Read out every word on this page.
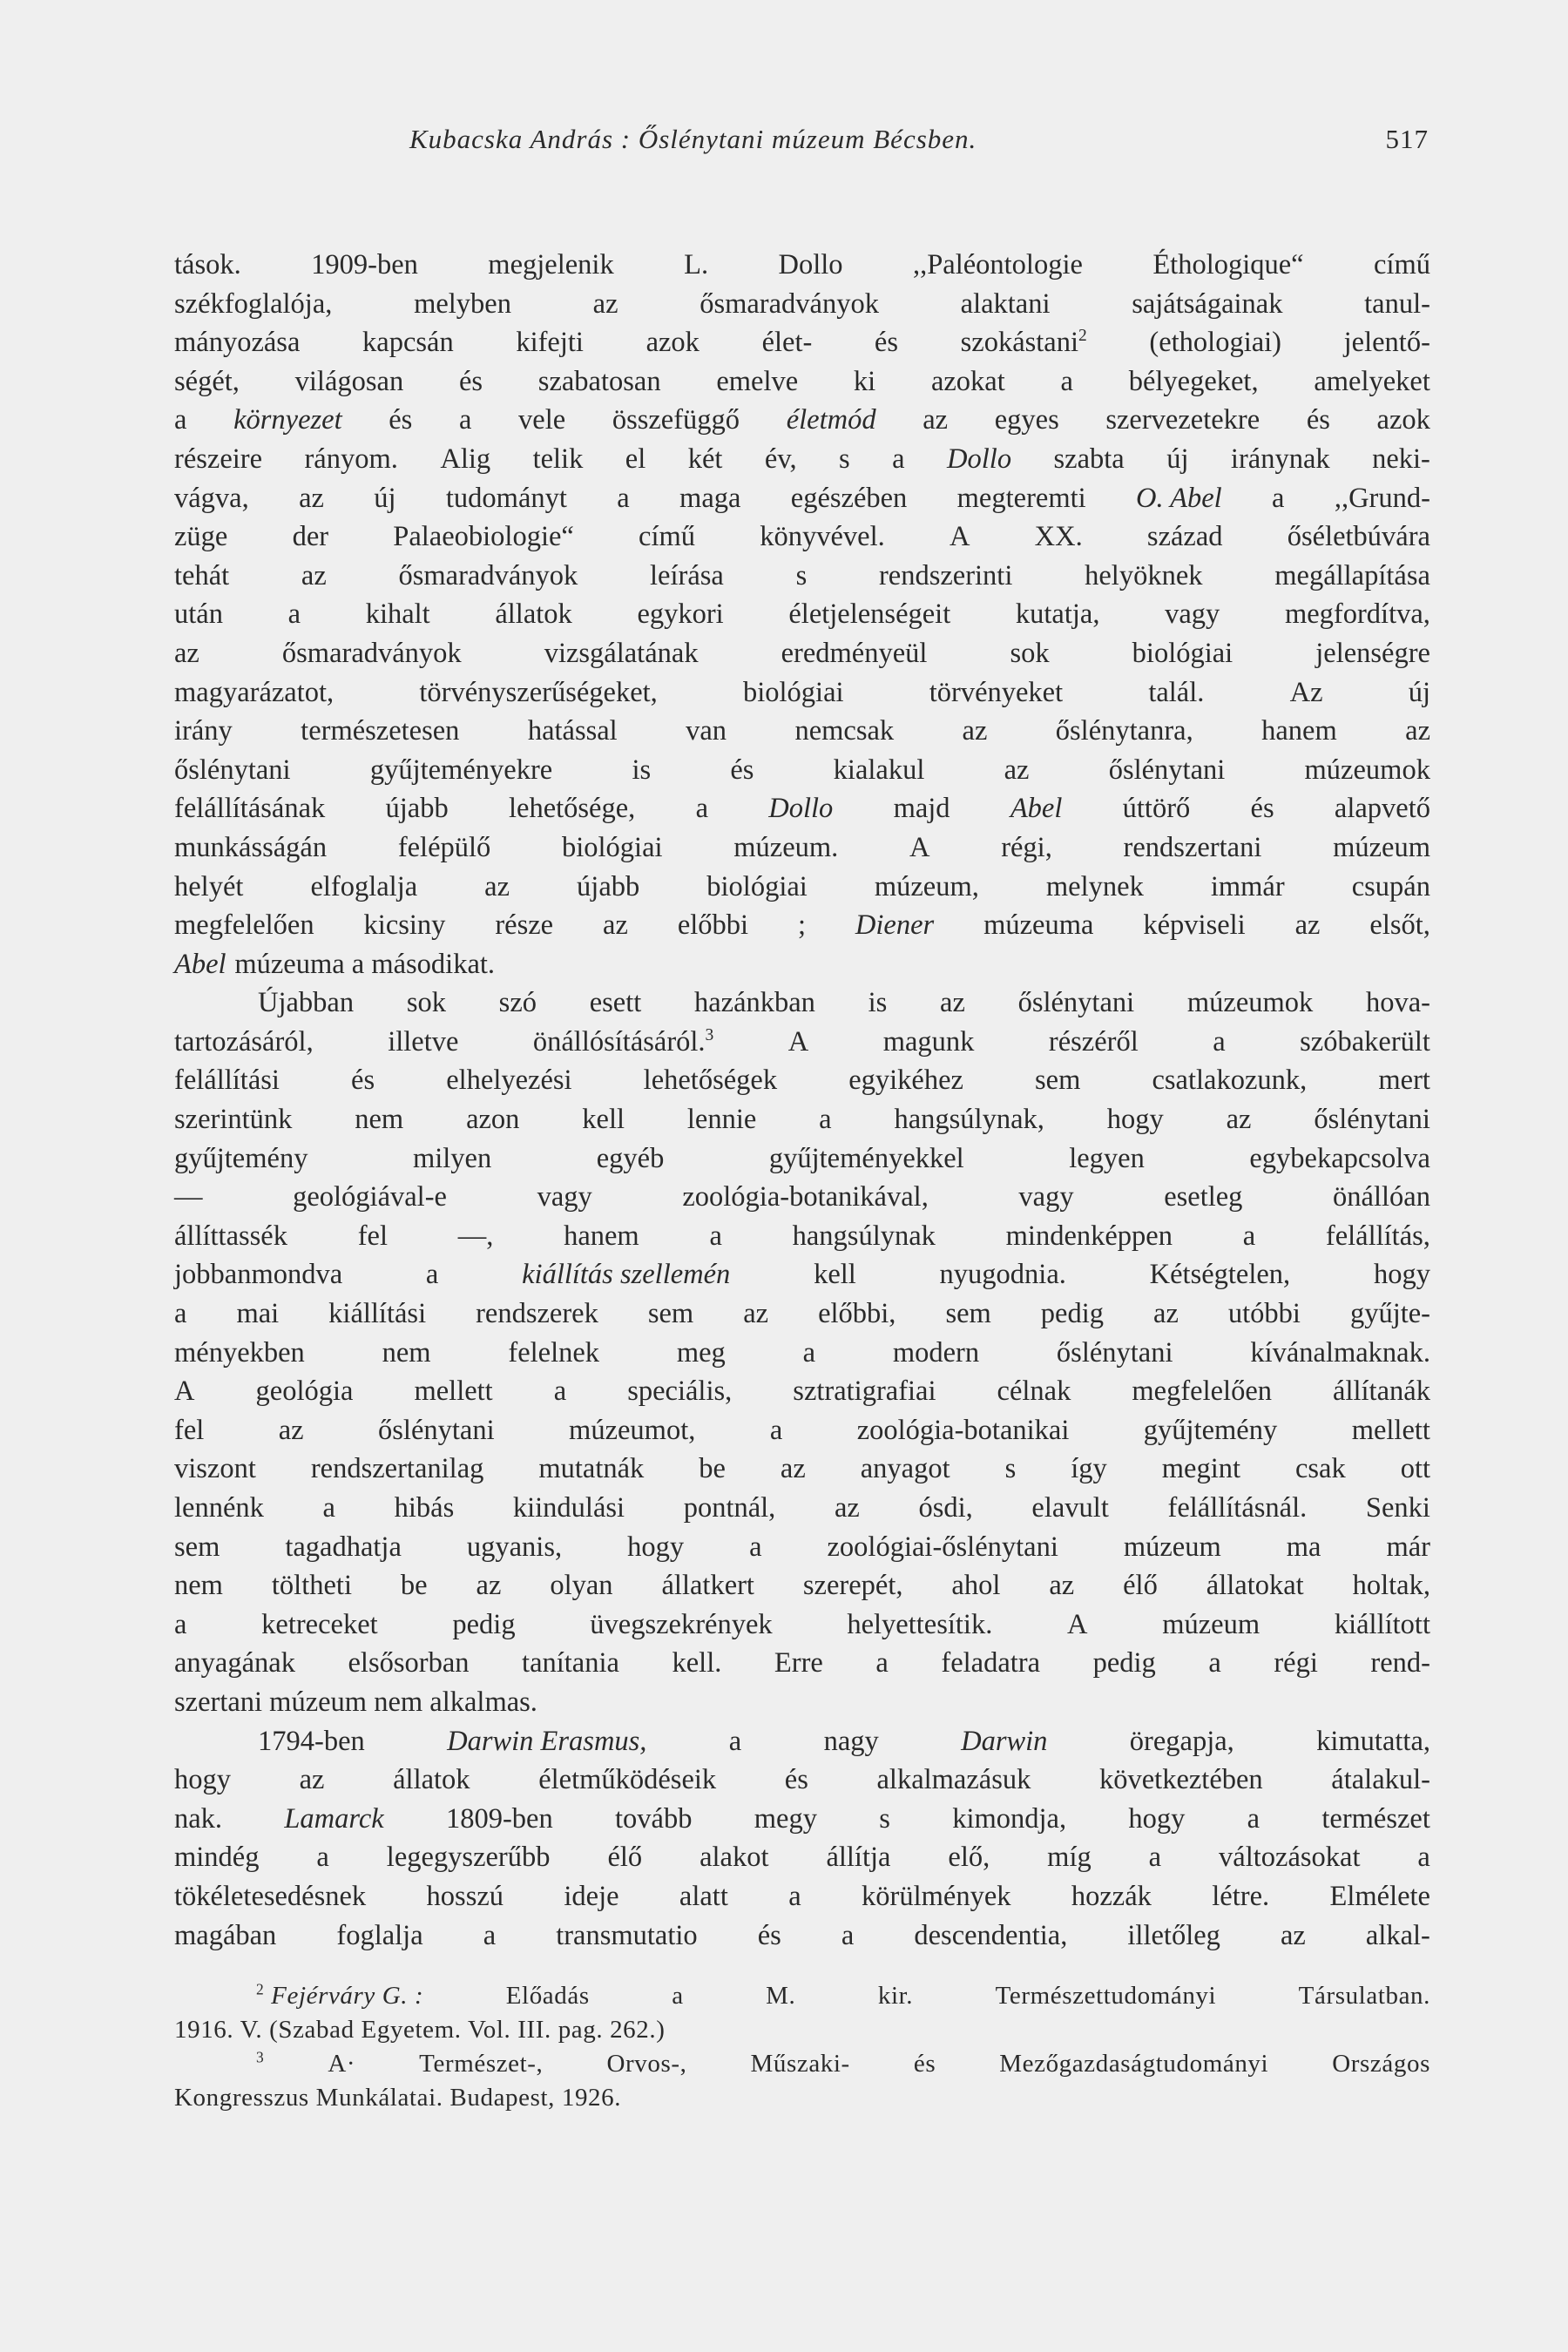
Kubacska András : Őslénytani múzeum Bécsben.	517
tások. 1909-ben megjelenik L. Dollo ,,Paléontologie Éthologique“ című
székfoglalója,	melyben	az	ősmaradványok	alaktani	sajátságainak	tanul-
mányozása kapcsán kifejti azok élet- és szokástani$^2$ (ethologiai) jelentő-
ségét, világosan és szabatosan emelve ki azokat a bélyegeket, amelyeket
a környezet és a vele összefüggő életmód az egyes szervezetekre és azok
részeire rányom. Alig telik el két év, s a Dollo szabta új iránynak neki-
vágva, az új tudományt a maga egészében megteremti O. Abel a ,,Grund-
züge der Palaeobiologie“ című könyvével. A XX. század őséletbúvára
tehát	az	ősmaradványok	leírása	s	rendszerinti	helyöknek	megállapítása
után a kihalt állatok egykori életjelenségeit kutatja, vagy megfordítva,
az	ősmaradványok	vizsgálatának	eredményeül	sok	biológiai	jelenségre
magyarázatot,	törvényszerűségeket,	biológiai	törvényeket	talál.	Az	új
irány természetesen hatással van nemcsak az őslénytanra, hanem az
őslénytani	gyűjteményekre	is	és	kialakul	az	őslénytani	múzeumok
felállításának újabb lehetősége, a Dollo majd Abel úttörő és alapvető
munkásságán	felépülő	biológiai	múzeum.	A	régi,	rendszertani	múzeum
helyét elfoglalja az újabb biológiai múzeum, melynek immár csupán
megfelelően kicsiny része az előbbi ; Diener múzeuma képviseli az elsőt,
Abel múzeuma a másodikat.
Újabban sok szó esett hazánkban is az őslénytani múzeumok hova-
tartozásáról,	illetve	önállósításáról.$^3$	A	magunk	részéről	a	szóbakerült
felállítási	és	elhelyezési	lehetőségek	egyikéhez	sem	csatlakozunk,	mert
szerintünk nem azon kell lennie a hangsúlynak, hogy az őslénytani
gyűjtemény	milyen	egyéb	gyűjteményekkel	legyen	egybekapcsolva
—	geológiával-e	vagy	zoológia-botanikával,	vagy	esetleg	önállóan
állíttassék fel —, hanem a hangsúlynak mindenképpen a felállítás,
jobbanmondva	a	kiállítás szellemén	kell	nyugodnia.	Kétségtelen,	hogy
a mai kiállítási rendszerek sem az előbbi, sem pedig az utóbbi gyűjte-
ményekben	nem	felelnek	meg	a	modern	őslénytani	kívánalmaknak.
A geológia mellett a speciális, sztratigrafiai célnak megfelelően állítanák
fel	az	őslénytani	múzeumot,	a	zoológia-botanikai	gyűjtemény	mellett
viszont rendszertanilag mutatnák be az anyagot s így megint csak ott
lennénk a hibás kiindulási pontnál, az ósdi, elavult felállításnál. Senki
sem tagadhatja ugyanis, hogy a zoológiai-őslénytani múzeum ma már
nem töltheti be az olyan állatkert szerepét, ahol az élő állatokat holtak,
a	ketreceket	pedig	üvegszekrények	helyettesítik.	A	múzeum	kiállított
anyagának elsősorban tanítania kell. Erre a feladatra pedig a régi rend-
szertani múzeum nem alkalmas.
1794-ben	Darwin Erasmus,	a	nagy	Darwin	öregapja,	kimutatta,
hogy az állatok életműködéseik és alkalmazásuk következtében átalakul-
nak. Lamarck 1809-ben tovább megy s kimondja, hogy a természet
mindég a legegyszerűbb élő alakot állítja elő, míg a változásokat a
tökéletesedésnek hosszú ideje alatt a körülmények hozzák létre. Elmélete
magában foglalja a transmutatio és a descendentia, illetőleg az alkal-
$^2$ Fejérváry G. :	Előadás	a	M.	kir.	Természettudományi	Társulatban.
1916. V. (Szabad Egyetem. Vol. III. pag. 262.)
$^3$	A·	Természet-,	Orvos-,	Műszaki-	és	Mezőgazdaságtudományi	Országos
Kongresszus Munkálatai. Budapest, 1926.
